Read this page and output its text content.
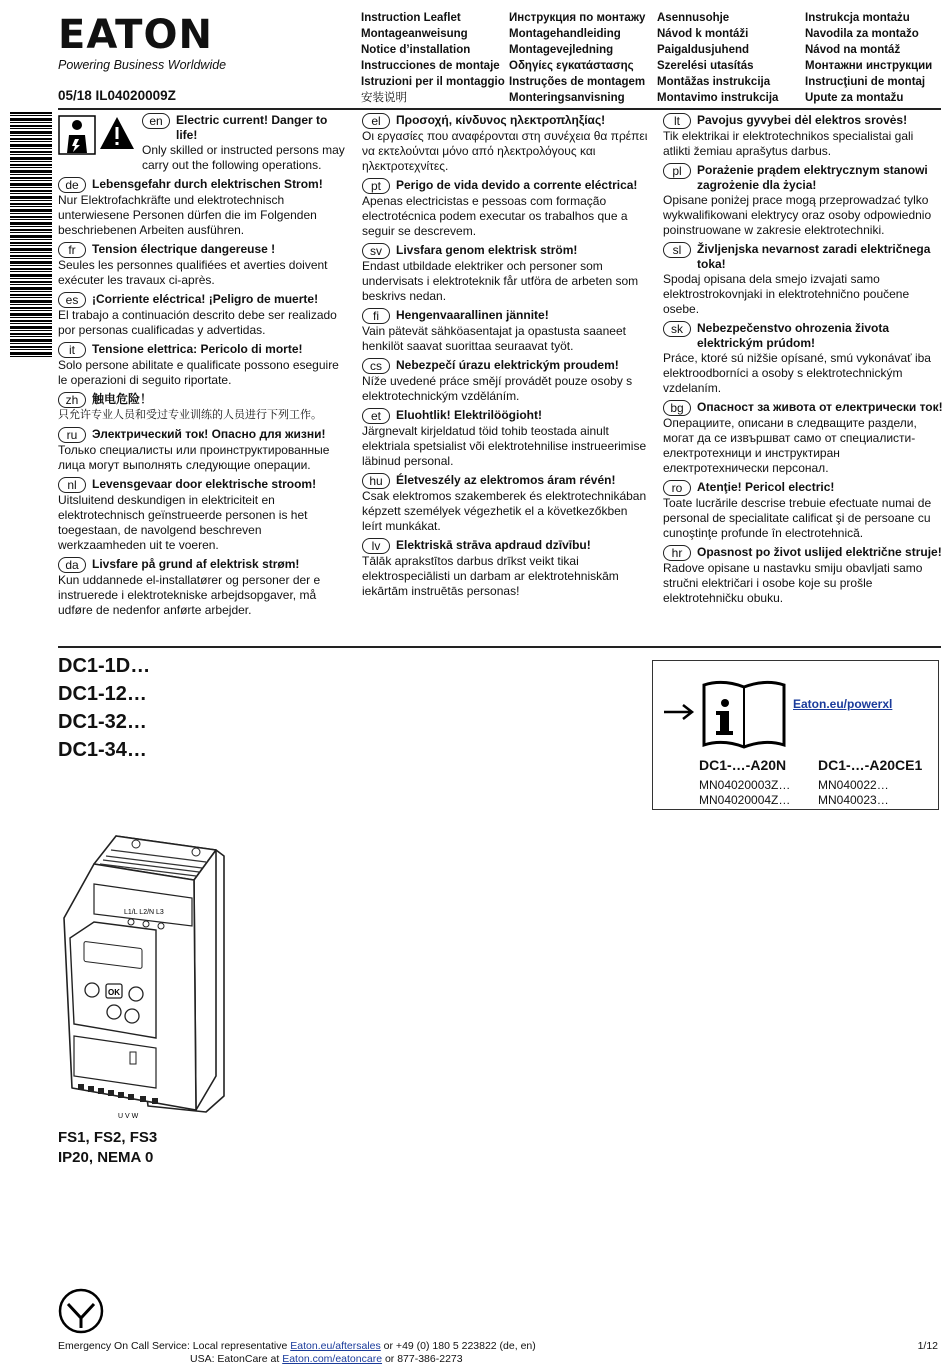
EATON
Powering Business Worldwide
05/18 IL04020009Z
Instruction Leaflet
Montageanweisung
Notice d’installation
Instrucciones de montaje
Istruzioni per il montaggio
安装说明
Инструкция по монтажу
Montagehandleiding
Montagevejledning
Οδηγίες εγκατάστασης
Instruções de montagem
Monteringsanvisning
Asennusohje
Návod k montáži
Paigaldusjuhend
Szerelési utasítás
Montāžas instrukcija
Montavimo instrukcija
Instrukcja montażu
Navodila za montažo
Návod na montáž
Монтажни инструкции
Instrucţiuni de montaj
Upute za montažu
en	Electric current! Danger to life!
Only skilled or instructed persons may carry out the following operations.
de	Lebensgefahr durch elektrischen Strom!
Nur Elektrofachkräfte und elektrotechnisch unterwiesene Personen dürfen die im Folgenden beschriebenen Arbeiten ausführen.
fr	Tension électrique dangereuse !
Seules les personnes qualifiées et averties doivent exécuter les travaux ci-après.
es	¡Corriente eléctrica! ¡Peligro de muerte!
El trabajo a continuación descrito debe ser realizado por personas cualificadas y advertidas.
it	Tensione elettrica: Pericolo di morte!
Solo persone abilitate e qualificate possono eseguire le operazioni di seguito riportate.
zh	触电危险！
只允许专业人员和受过专业训练的人员进行下列工作。
ru	Электрический ток! Опасно для жизни!
Только специалисты или проинструктированные лица могут выполнять следующие операции.
nl	Levensgevaar door elektrische stroom!
Uitsluitend deskundigen in elektriciteit en elektrotechnisch geïnstrueerde personen is het toegestaan, de navolgend beschreven werkzaamheden uit te voeren.
da	Livsfare på grund af elektrisk strøm!
Kun uddannede el-installatører og personer der e instruerede i elektrotekniske arbejdsopgaver, må udføre de nedenfor anførte arbejder.
el	Προσοχή, κίνδυνος ηλεκτροπληξίας!
Οι εργασίες που αναφέρονται στη συνέχεια θα πρέπει να εκτελούνται μόνο από ηλεκτρολόγους και ηλεκτροτεχνίτες.
pt	Perigo de vida devido a corrente eléctrica!
Apenas electricistas e pessoas com formação electrotécnica podem executar os trabalhos que a seguir se descrevem.
sv	Livsfara genom elektrisk ström!
Endast utbildade elektriker och personer som undervisats i elektroteknik får utföra de arbeten som beskrivs nedan.
fi	Hengenvaarallinen jännite!
Vain pätevät sähköasentajat ja opastusta saaneet henkilöt saavat suorittaa seuraavat työt.
cs	Nebezpečí úrazu elektrickým proudem!
Níže uvedené práce smějí provádět pouze osoby s elektrotechnickým vzděláním.
et	Eluohtlik! Elektrilöögioht!
Järgnevalt kirjeldatud töid tohib teostada ainult elektriala spetsialist või elektrotehnilise instrueerimise läbinud personal.
hu	Életveszély az elektromos áram révén!
Csak elektromos szakemberek és elektrotechnikában képzett személyek végezhetik el a következőkben leírt munkákat.
lv	Elektriskā strāva apdraud dzīvību!
Tālāk aprakstītos darbus drīkst veikt tikai elektrospeciālisti un darbam ar elektrotehniskām iekārtām instruētās personas!
lt	Pavojus gyvybei dėl elektros srovės!
Tik elektrikai ir elektrotechnikos specialistai gali atlikti žemiau aprašytus darbus.
pl	Porażenie prądem elektrycznym stanowi zagrożenie dla życia!
Opisane poniżej prace mogą przeprowadzać tylko wykwalifikowani elektrycy oraz osoby odpowiednio poinstruowane w zakresie elektrotechniki.
sl	Življenjska nevarnost zaradi električnega toka!
Spodaj opisana dela smejo izvajati samo elektrostrokovnjaki in elektrotehnično poučene osebe.
sk	Nebezpečenstvo ohrozenia života elektrickým prúdom!
Práce, ktoré sú nižšie opísané, smú vykonávať iba elektroodborníci a osoby s elektrotechnickým vzdelaním.
bg	Опасност за живота от електрически ток!
Операциите, описани в следващите раздели, могат да се извършват само от специалисти-електротехници и инструктиран електротехнически персонал.
ro	Atenţie! Pericol electric!
Toate lucrările descrise trebuie efectuate numai de personal de specialitate calificat şi de persoane cu cunoştinţe profunde în electrotehnică.
hr	Opasnost po život uslijed električne struje!
Radove opisane u nastavku smiju obavljati samo stručni električari i osobe koje su prošle elektrotehničku obuku.
DC1-1D…
DC1-12…
DC1-32…
DC1-34…
Eaton.eu/powerxl
DC1-…-A20N
MN04020003Z…
MN04020004Z…
DC1-…-A20CE1
MN040022…
MN040023…
L1/L L2/N L3
OK
U V W
FS1, FS2, FS3
IP20, NEMA 0
Emergency On Call Service: Local representative Eaton.eu/aftersales or +49 (0) 180 5 223822 (de, en)	1/12
USA: EatonCare at Eaton.com/eatoncare or 877-386-2273
